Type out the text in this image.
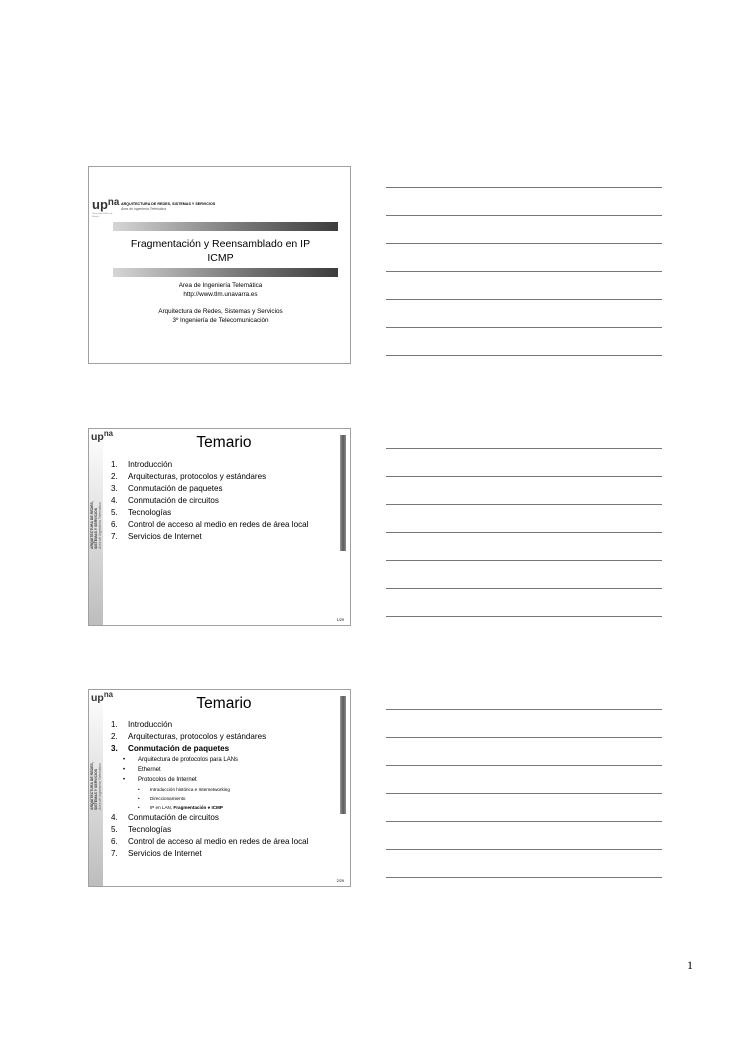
$up^{na}$
Universidad Pública de Navarra
ARQUITECTURA DE REDES, SISTEMAS Y SERVICIOS
Área de Ingeniería Telemática
Fragmentación y Reensamblado en IP
ICMP
Area de Ingeniería Telemática
http://www.tlm.unavarra.es
Arquitectura de Redes, Sistemas y Servicios
3º Ingeniería de Telecomunicación
$up^{na}$
ARQUITECTURA DE REDES, SISTEMAS Y SERVICIOS Área de Ingeniería Telemática
Temario
1. Introducción
2. Arquitecturas, protocolos y estándares
3. Conmutación de paquetes
4. Conmutación de circuitos
5. Tecnologías
6. Control de acceso al medio en redes de área local
7. Servicios de Internet
1/29
$up^{na}$
ARQUITECTURA DE REDES, SISTEMAS Y SERVICIOS Área de Ingeniería Telemática
Temario
1. Introducción
2. Arquitecturas, protocolos y estándares
3. Conmutación de paquetes
• Arquitectura de protocolos para LANs
• Ethernet
• Protocolos de Internet
• Introducción histórica e Internetworking
• Direccionamiento
• IP en LAN, Fragmentación e ICMP
4. Conmutación de circuitos
5. Tecnologías
6. Control de acceso al medio en redes de área local
7. Servicios de Internet
2/29
1
